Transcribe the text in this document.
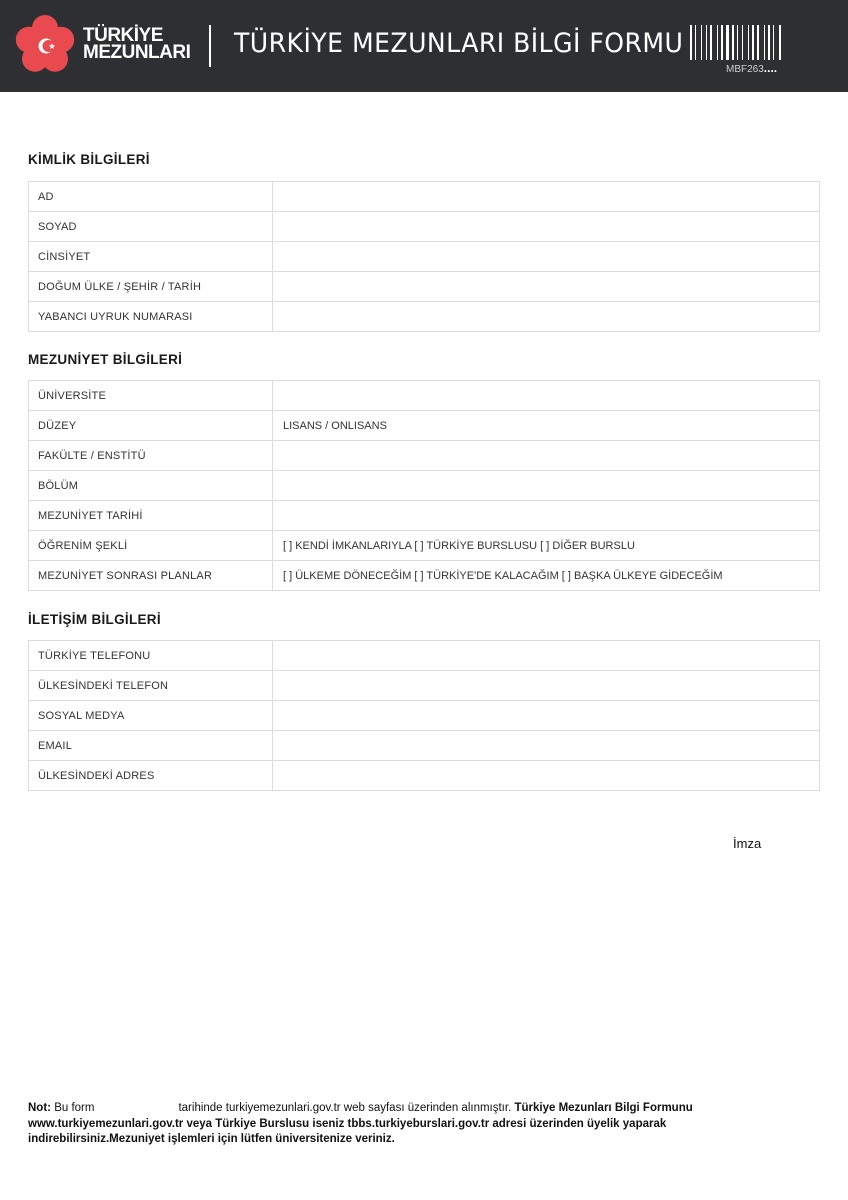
TÜRKİYE
MEZUNLARI TÜRKİYE MEZUNLARI BİLGİ FORMU
MBF263....
KİMLİK BİLGİLERİ
AD	
SOYAD	
CİNSİYET	
DOĞUM ÜLKE / ŞEHİR / TARİH	
YABANCI UYRUK NUMARASI	
MEZUNİYET BİLGİLERİ
ÜNİVERSİTE	
DÜZEY	LISANS / ONLISANS
FAKÜLTE / ENSTİTÜ	
BÖLÜM	
MEZUNİYET TARİHİ	
ÖĞRENİM ŞEKLİ	[ ] KENDİ İMKANLARIYLA [ ] TÜRKİYE BURSLUSU [ ] DİĞER BURSLU
MEZUNİYET SONRASI PLANLAR	[ ] ÜLKEME DÖNECEĞİM [ ] TÜRKİYE'DE KALACAĞIM [ ] BAŞKA ÜLKEYE GİDECEĞİM
İLETİŞİM BİLGİLERİ
TÜRKİYE TELEFONU	
ÜLKESİNDEKİ TELEFON	
SOSYAL MEDYA	
EMAIL	
ÜLKESİNDEKİ ADRES	
İmza
Not: Bu form	tarihinde turkiyemezunlari.gov.tr web sayfası üzerinden alınmıştır. Türkiye Mezunları Bilgi Formunu www.turkiyemezunlari.gov.tr veya Türkiye Burslusu iseniz tbbs.turkiyeburslari.gov.tr adresi üzerinden üyelik yaparak indirebilirsiniz.Mezuniyet işlemleri için lütfen üniversitenize veriniz.
